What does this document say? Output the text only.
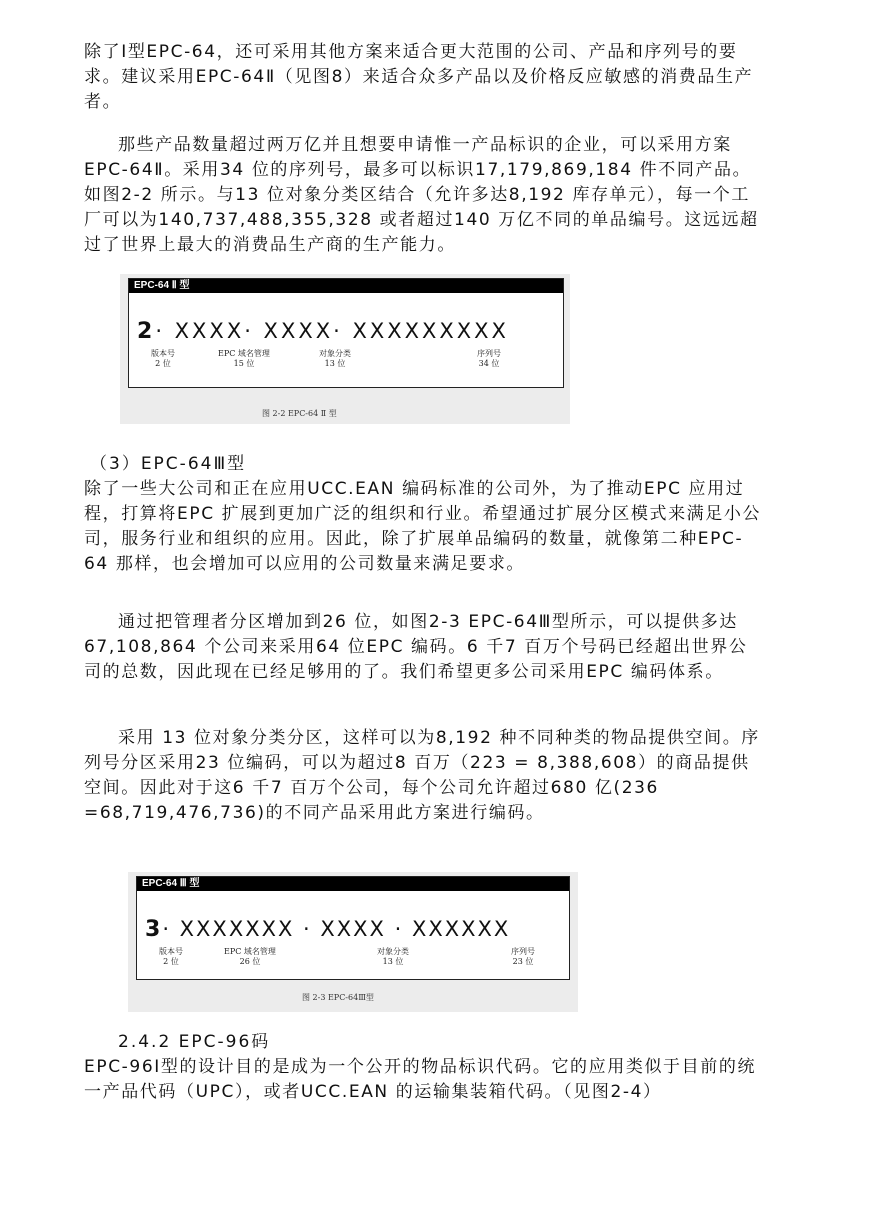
除了Ⅰ型EPC-64，还可采用其他方案来适合更大范围的公司、产品和序列号的要求。建议采用EPC-64Ⅱ（见图8）来适合众多产品以及价格反应敏感的消费品生产者。

那些产品数量超过两万亿并且想要申请惟一产品标识的企业，可以采用方案EPC-64Ⅱ。采用34 位的序列号，最多可以标识17,179,869,184 件不同产品。如图2-2 所示。与13 位对象分类区结合（允许多达8,192 库存单元），每一个工厂可以为140,737,488,355,328 或者超过140 万亿不同的单品编号。这远远超过了世界上最大的消费品生产商的生产能力。

EPC-64 Ⅱ 型
2· XXXX· XXXX· XXXXXXXXX
版本号
2 位
EPC 域名管理
15 位
对象分类
13 位
序列号
34 位
图 2-2 EPC-64 Ⅱ 型

（3）EPC-64Ⅲ型

除了一些大公司和正在应用UCC.EAN 编码标准的公司外，为了推动EPC 应用过程，打算将EPC 扩展到更加广泛的组织和行业。希望通过扩展分区模式来满足小公司，服务行业和组织的应用。因此，除了扩展单品编码的数量，就像第二种EPC-64 那样，也会增加可以应用的公司数量来满足要求。

通过把管理者分区增加到26 位，如图2-3 EPC-64Ⅲ型所示，可以提供多达67,108,864 个公司来采用64 位EPC 编码。6 千7 百万个号码已经超出世界公司的总数，因此现在已经足够用的了。我们希望更多公司采用EPC 编码体系。

采用 13 位对象分类分区，这样可以为8,192 种不同种类的物品提供空间。序列号分区采用23 位编码，可以为超过8 百万（223 = 8,388,608）的商品提供空间。因此对于这6 千7 百万个公司，每个公司允许超过680 亿(236 =68,719,476,736)的不同产品采用此方案进行编码。

EPC-64 Ⅲ 型
3· XXXXXXX · XXXX · XXXXXX
版本号
2 位
EPC 域名管理
26 位
对象分类
13 位
序列号
23 位
图 2-3 EPC-64Ⅲ型

2.4.2 EPC-96码

EPC-96Ⅰ型的设计目的是成为一个公开的物品标识代码。它的应用类似于目前的统一产品代码（UPC），或者UCC.EAN 的运输集装箱代码。（见图2-4）
